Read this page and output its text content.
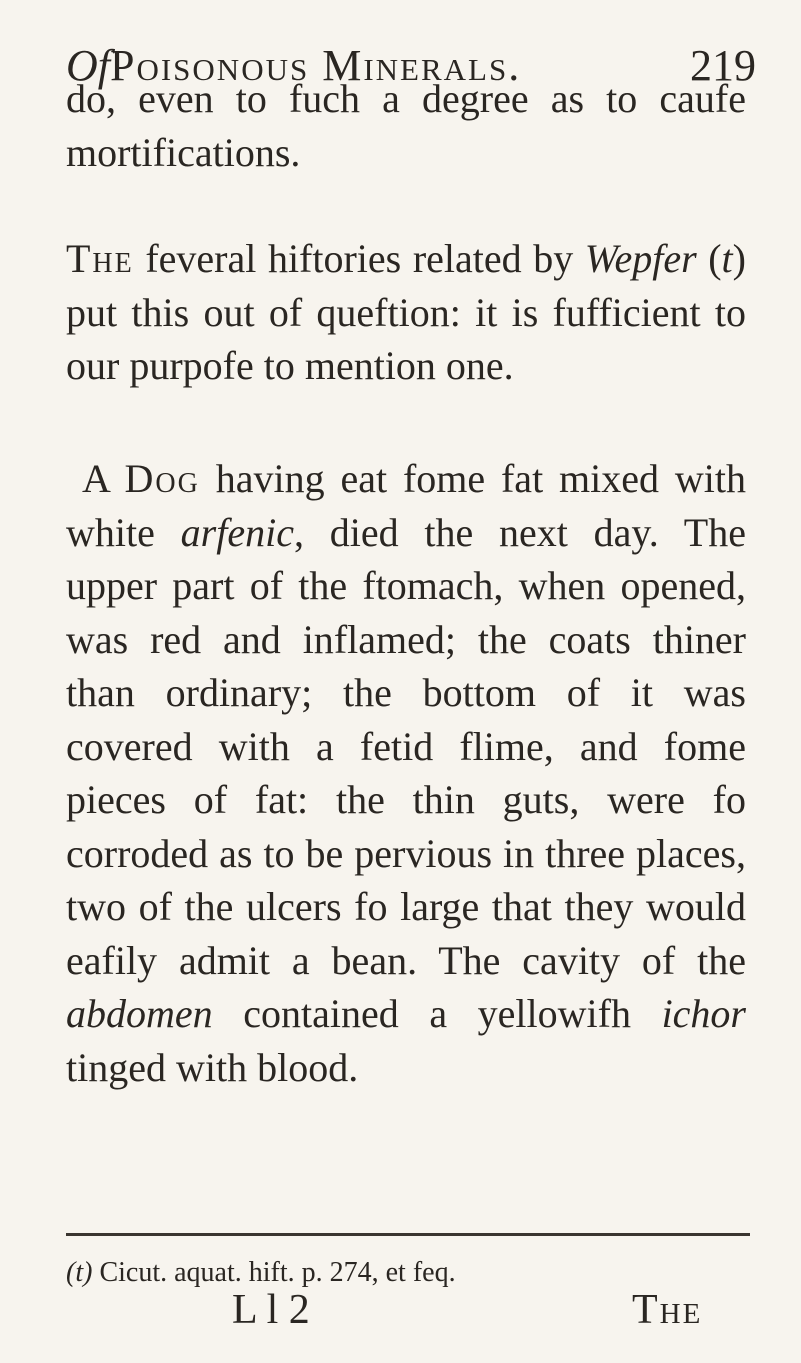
OfPoisonous Minerals.	219
do, even to fuch a degree as to caufe mortifications.
The feveral hiftories related by Wepfer (t) put this out of queftion: it is fufficient to our purpofe to mention one.
A Dog having eat fome fat mixed with white arfenic, died the next day. The upper part of the ftomach, when opened, was red and inflamed; the coats thiner than ordinary; the bottom of it was covered with a fetid flime, and fome pieces of fat: the thin guts, were fo corroded as to be pervious in three places, two of the ulcers fo large that they would eafily admit a bean. The cavity of the abdomen contained a yellowifh ichor tinged with blood.
(t) Cicut. aquat. hift. p. 274, et feq.
L l 2	The
